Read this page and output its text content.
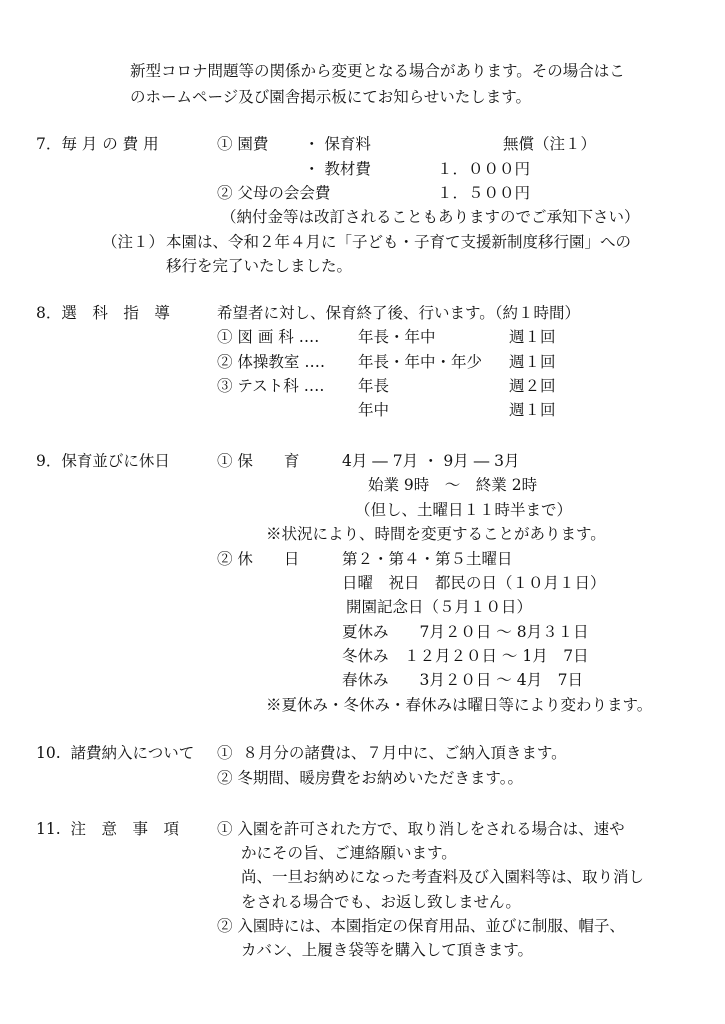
新型コロナ問題等の関係から変更となる場合があります。その場合はこ
のホームページ及び園舎掲示板にてお知らせいたします。
7．毎 月 の 費 用	① 園費 ・ 保育料	無償（注１）
・ 教材費	１．０００円
② 父母の会会費	１．５００円
（納付金等は改訂されることもありますのでご承知下さい）
（注１） 本園は、令和２年４月に「子ども・子育て支援新制度移行園」への
移行を完了いたしました。
8．選　科　指　導	希望者に対し、保育終了後、行います。（約１時間）
① 図 画 科 ‥‥ 年長・年中	週１回
② 体操教室 ‥‥ 年長・年中・年少 週１回
③ テスト科 ‥‥ 年長	週２回
年中	週１回
9．保育並びに休日	① 保　　育	4月 ― 7月 ・ 9月 ― 3月
始業 9時　～　終業 2時
（但し、土曜日１１時半まで）
※状況により、時間を変更することがあります。
② 休　　日	第２・第４・第５土曜日
日曜　祝日　都民の日（１０月１日）
開園記念日（５月１０日）
夏休み　　7月２０日 ～ 8月３１日
冬休み　１２月２０日 ～ 1月　7日
春休み　　3月２０日 ～ 4月　7日
※夏休み・冬休み・春休みは曜日等により変わります。
10.  諸費納入について ①  ８月分の諸費は、７月中に、ご納入頂きます。
② 冬期間、暖房費をお納めいただきます。。
11.  注　意　事　項 ① 入園を許可された方で、取り消しをされる場合は、速や
かにその旨、ご連絡願います。
尚、一旦お納めになった考査料及び入園料等は、取り消し
をされる場合でも、お返し致しません。
② 入園時には、本園指定の保育用品、並びに制服、帽子、
カバン、上履き袋等を購入して頂きます。
